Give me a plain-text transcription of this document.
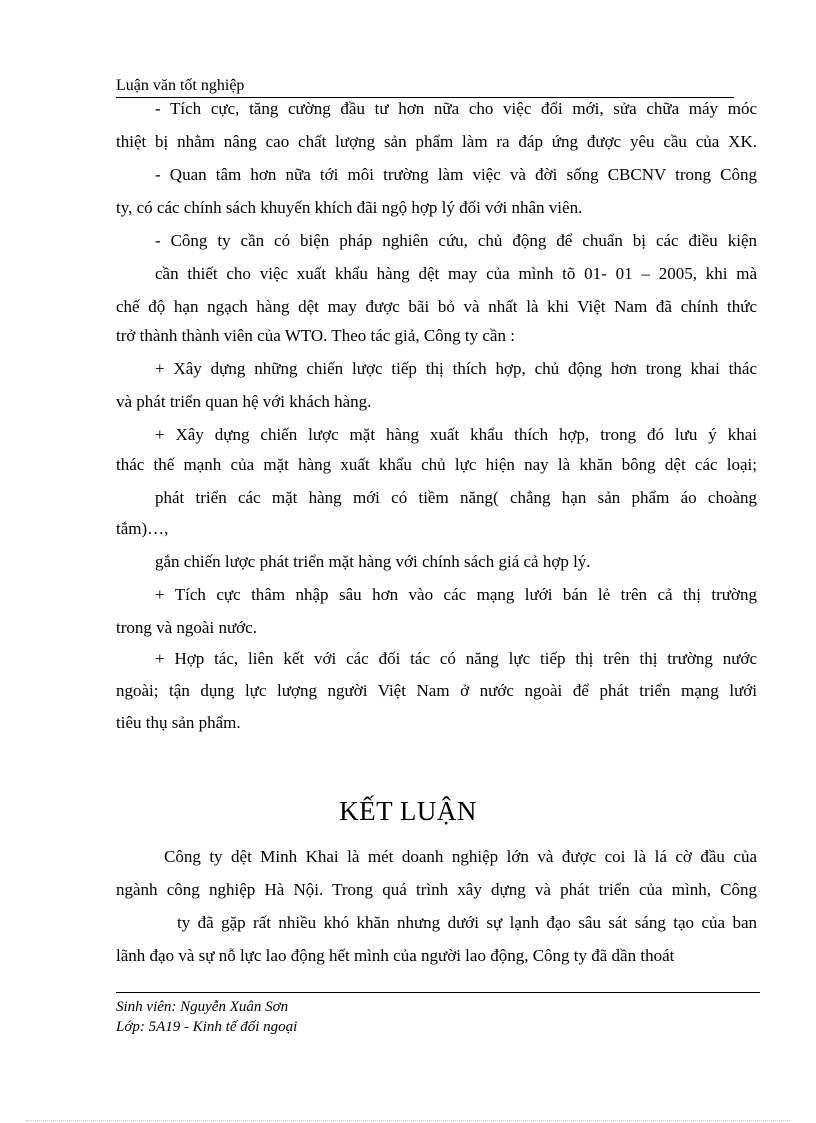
Luận văn tốt nghiệp
- Tích cực, tăng cường đầu tư hơn nữa cho việc đổi mới, sửa chữa máy móc
thiệt bị nhằm nâng cao chất lượng sản phẩm làm ra đáp ứng được yêu cầu của XK.
- Quan tâm hơn nữa tới môi trường làm việc và đời sống CBCNV trong Công
ty, có các chính sách khuyến khích đãi ngộ hợp lý đối với nhân viên.
- Công ty cần có biện pháp nghiên cứu, chủ động để chuẩn bị các điều kiện
cần thiết cho việc xuất khẩu hàng dệt may của mình tõ 01- 01 – 2005, khi mà
chế độ hạn ngạch hàng dệt may được bãi bỏ và nhất là khi Việt Nam đã chính thức
trở thành thành viên của WTO. Theo tác giả, Công ty cần :
+ Xây dựng những chiến lược tiếp thị thích hợp, chủ động hơn trong khai thác
và phát triển quan hệ với khách hàng.
+ Xây dựng chiến lược mặt hàng xuất khẩu thích hợp, trong đó lưu ý khai
thác thế mạnh của mặt hàng xuất khẩu chủ lực hiện nay là khăn bông dệt các loại;
phát triển các mặt hàng mới có tiềm năng( chẳng hạn sản phẩm áo choàng
tắm)…,
gắn chiến lược phát triển mặt hàng với chính sách giá cả hợp lý.
+ Tích cực thâm nhập sâu hơn vào các mạng lưới bán lẻ trên cả thị trường
trong và ngoài nước.
+ Hợp tác, liên kết với các đối tác có năng lực tiếp thị trên thị trường nước
ngoài; tận dụng lực lượng người Việt Nam ở nước ngoài để phát triển mạng lưới
tiêu thụ sản phẩm.
KẾT LUẬN
Công ty dệt Minh Khai là mét doanh nghiệp lớn và được coi là lá cờ đầu của
ngành công nghiệp Hà Nội. Trong quá trình xây dựng và phát triển của mình, Công
ty đã gặp rất nhiều khó khăn nhưng dưới sự lạnh đạo sâu sát sáng tạo của ban
lãnh đạo và sự nỗ lực lao động hết mình của người lao động, Công ty đã dần thoát
Sinh viên: Nguyễn Xuân Sơn
Lớp: 5A19 - Kinh tế đối ngoại
